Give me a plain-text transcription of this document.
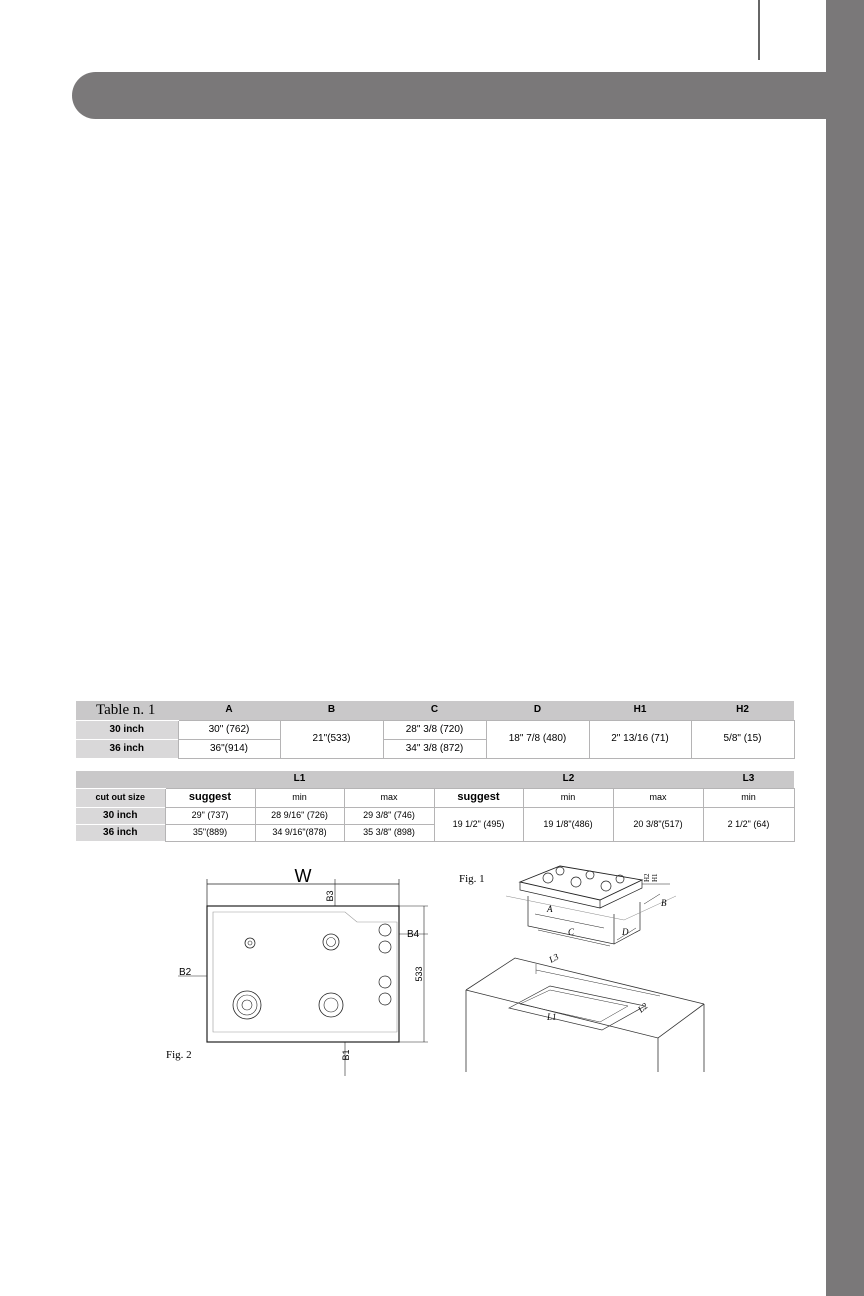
Table n. 1	A	B	C	D	H1	H2
30 inch	30" (762)	21"(533)	28" 3/8 (720)	18" 7/8 (480)	2" 13/16 (71)	5/8" (15)
36 inch	36"(914)		34" 3/8 (872)			
	L1			L2			L3
cut out size	suggest	min	max	suggest	min	max	min
30 inch	29" (737)	28 9/16" (726)	29 3/8" (746)	19 1/2" (495)	19 1/8"(486)	20 3/8"(517)	2 1/2" (64)
36 inch	35"(889)	34 9/16"(878)	35 3/8" (898)				
W
B3
B4
B2	533
B1
Fig. 2
A
C	D
H2 H1
B
Fig. 1
L3
L1
L2
